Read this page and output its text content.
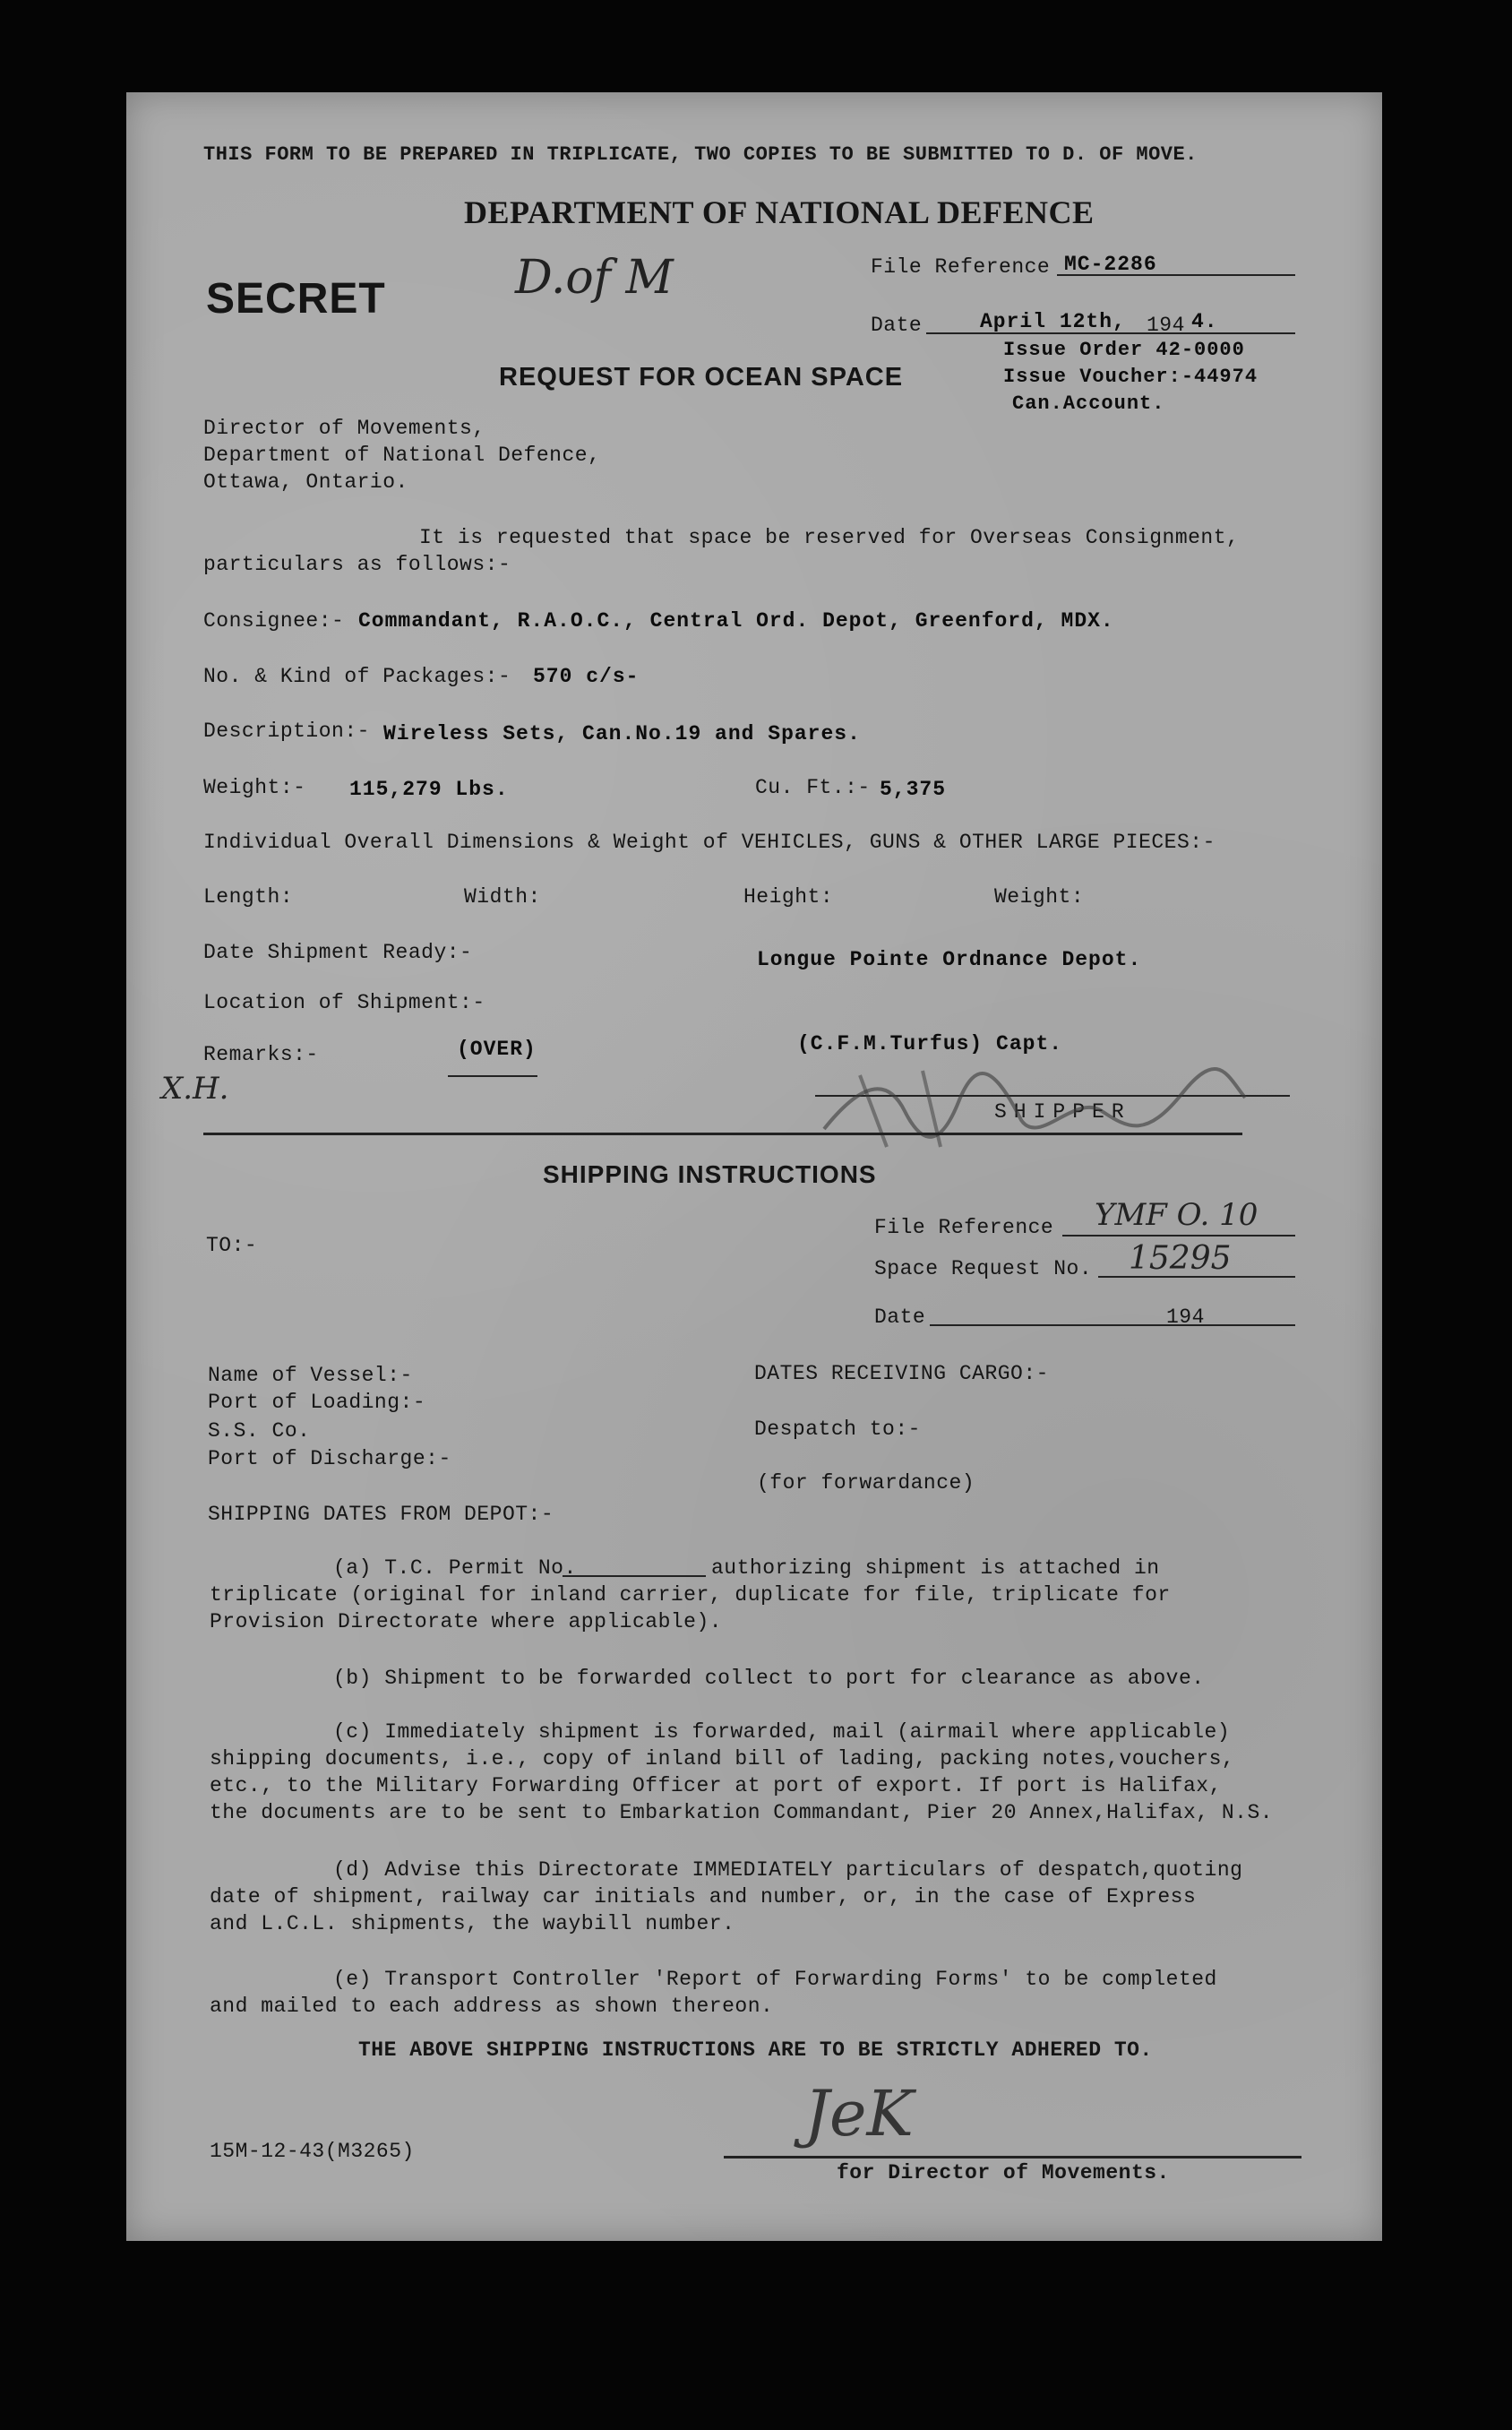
THIS FORM TO BE PREPARED IN TRIPLICATE, TWO COPIES TO BE SUBMITTED TO D. OF MOVE.
DEPARTMENT OF NATIONAL DEFENCE
SECRET	D.of M
REQUEST FOR OCEAN SPACE
File Reference MC-2286
Date	April 12th, 194 4.
Issue Order 42-0000
Issue Voucher:-44974
Can.Account.
Director of Movements,
Department of National Defence,
Ottawa, Ontario.
It is requested that space be reserved for Overseas Consignment,
particulars as follows:-
Consignee:- Commandant, R.A.O.C., Central Ord. Depot, Greenford, MDX.
No. & Kind of Packages:- 570 c/s-
Description:- Wireless Sets, Can.No.19 and Spares.
Weight:- 115,279 Lbs.	Cu. Ft.:- 5,375
Individual Overall Dimensions & Weight of VEHICLES, GUNS & OTHER LARGE PIECES:-
Length:	Width:	Height:	Weight:
Date Shipment Ready:-	Longue Pointe Ordnance Depot.
Location of Shipment:-
Remarks:-	(OVER)	(C.F.M.Turfus) Capt.
X.H.
SHIPPER
SHIPPING INSTRUCTIONS
TO:-
File Reference YMF O. 10
Space Request No. 15295
Date	194
Name of Vessel:-
Port of Loading:-
S.S. Co.
Port of Discharge:-
DATES RECEIVING CARGO:-
Despatch to:-
(for forwardance)
SHIPPING DATES FROM DEPOT:-
(a) T.C. Permit No.	authorizing shipment is attached in
triplicate (original for inland carrier, duplicate for file, triplicate for
Provision Directorate where applicable).
(b) Shipment to be forwarded collect to port for clearance as above.
(c) Immediately shipment is forwarded, mail (airmail where applicable)
shipping documents, i.e., copy of inland bill of lading, packing notes,vouchers,
etc., to the Military Forwarding Officer at port of export. If port is Halifax,
the documents are to be sent to Embarkation Commandant, Pier 20 Annex,Halifax, N.S.
(d) Advise this Directorate IMMEDIATELY particulars of despatch,quoting
date of shipment, railway car initials and number, or, in the case of Express
and L.C.L. shipments, the waybill number.
(e) Transport Controller 'Report of Forwarding Forms' to be completed
and mailed to each address as shown thereon.
THE ABOVE SHIPPING INSTRUCTIONS ARE TO BE STRICTLY ADHERED TO.
15M-12-43(M3265)
JeK
for Director of Movements.
